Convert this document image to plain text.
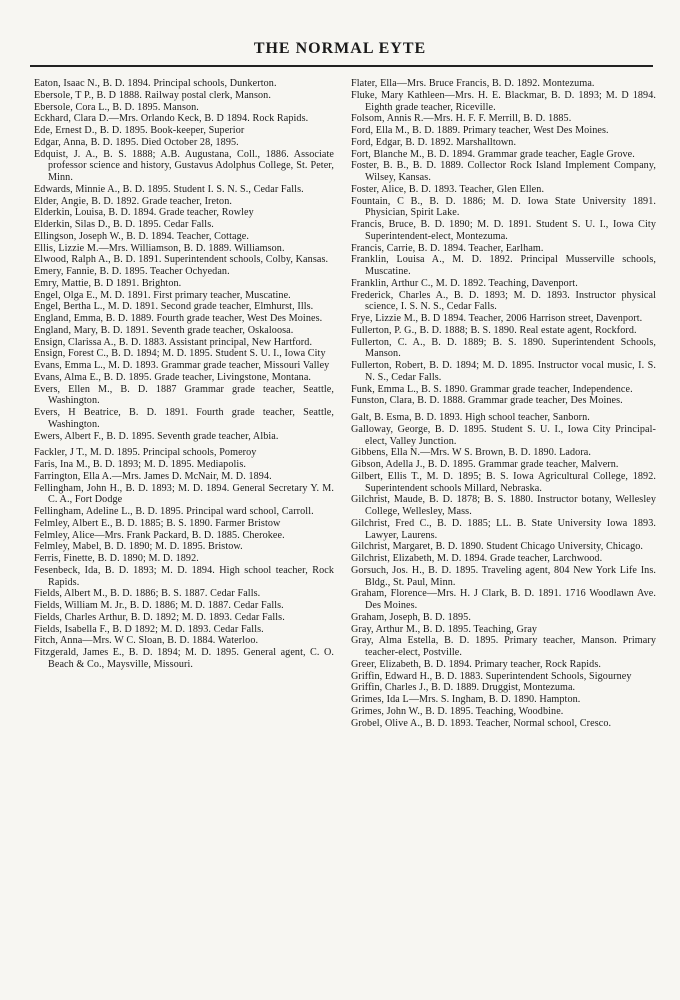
THE NORMAL EYTE
Eaton, Isaac N., B. D. 1894. Principal schools, Dunkerton.
Ebersole, T P., B. D 1888. Railway postal clerk, Manson.
Ebersole, Cora L., B. D. 1895. Manson.
Eckhard, Clara D.—Mrs. Orlando Keck, B. D 1894. Rock Rapids.
Ede, Ernest D., B. D. 1895. Book-keeper, Superior
Edgar, Anna, B. D. 1895. Died October 28, 1895.
Edquist, J. A., B. S. 1888; A.B. Augustana, Coll., 1886. Associate professor science and history, Gustavus Adolphus College, St. Peter, Minn.
Edwards, Minnie A., B. D. 1895. Student I. S. N. S., Cedar Falls.
Elder, Angie, B. D. 1892. Grade teacher, Ireton.
Elderkin, Louisa, B. D. 1894. Grade teacher, Rowley
Elderkin, Silas D., B. D. 1895. Cedar Falls.
Ellingson, Joseph W., B. D. 1894. Teacher, Cottage.
Ellis, Lizzie M.—Mrs. Williamson, B. D. 1889. Williamson.
Elwood, Ralph A., B. D. 1891. Superintendent schools, Colby, Kansas.
Emery, Fannie, B. D. 1895. Teacher Ochyedan.
Emry, Mattie, B. D 1891. Brighton.
Engel, Olga E., M. D. 1891. First primary teacher, Muscatine.
Engel, Bertha L., M. D. 1891. Second grade teacher, Elmhurst, Ills.
England, Emma, B. D. 1889. Fourth grade teacher, West Des Moines.
England, Mary, B. D. 1891. Seventh grade teacher, Oskaloosa.
Ensign, Clarissa A., B. D. 1883. Assistant principal, New Hartford.
Ensign, Forest C., B. D. 1894; M. D. 1895. Student S. U. I., Iowa City
Evans, Emma L., M. D. 1893. Grammar grade teacher, Missouri Valley
Evans, Alma E., B. D. 1895. Grade teacher, Livingstone, Montana.
Evers, Ellen M., B. D. 1887 Grammar grade teacher, Seattle, Washington.
Evers, H Beatrice, B. D. 1891. Fourth grade teacher, Seattle, Washington.
Ewers, Albert F., B. D. 1895. Seventh grade teacher, Albia.
Fackler, J T., M. D. 1895. Principal schools, Pomeroy
Faris, Ina M., B. D. 1893; M. D. 1895. Mediapolis.
Farrington, Ella A.—Mrs. James D. McNair, M. D. 1894.
Fellingham, John H., B. D. 1893; M. D. 1894. General Secretary Y. M. C. A., Fort Dodge
Fellingham, Adeline L., B. D. 1895. Principal ward school, Carroll.
Felmley, Albert E., B. D. 1885; B. S. 1890. Farmer Bristow
Felmley, Alice—Mrs. Frank Packard, B. D. 1885. Cherokee.
Felmley, Mabel, B. D. 1890; M. D. 1895. Bristow.
Ferris, Finette, B. D. 1890; M. D. 1892.
Fesenbeck, Ida, B. D. 1893; M. D. 1894. High school teacher, Rock Rapids.
Fields, Albert M., B. D. 1886; B. S. 1887. Cedar Falls.
Fields, William M. Jr., B. D. 1886; M. D. 1887. Cedar Falls.
Fields, Charles Arthur, B. D. 1892; M. D. 1893. Cedar Falls.
Fields, Isabella F., B. D 1892; M. D. 1893. Cedar Falls.
Fitch, Anna—Mrs. W C. Sloan, B. D. 1884. Waterloo.
Fitzgerald, James E., B. D. 1894; M. D. 1895. General agent, C. O. Beach & Co., Maysville, Missouri.
Flater, Ella—Mrs. Bruce Francis, B. D. 1892. Montezuma.
Fluke, Mary Kathleen—Mrs. H. E. Blackmar, B. D. 1893; M. D 1894. Eighth grade teacher, Riceville.
Folsom, Annis R.—Mrs. H. F. F. Merrill, B. D. 1885.
Ford, Ella M., B. D. 1889. Primary teacher, West Des Moines.
Ford, Edgar, B. D. 1892. Marshalltown.
Fort, Blanche M., B. D. 1894. Grammar grade teacher, Eagle Grove.
Foster, B. B., B. D. 1889. Collector Rock Island Implement Company, Wilsey, Kansas.
Foster, Alice, B. D. 1893. Teacher, Glen Ellen.
Fountain, C B., B. D. 1886; M. D. Iowa State University 1891. Physician, Spirit Lake.
Francis, Bruce, B. D. 1890; M. D. 1891. Student S. U. I., Iowa City Superintendent-elect, Montezuma.
Francis, Carrie, B. D. 1894. Teacher, Earlham.
Franklin, Louisa A., M. D. 1892. Principal Musserville schools, Muscatine.
Franklin, Arthur C., M. D. 1892. Teaching, Davenport.
Frederick, Charles A., B. D. 1893; M. D. 1893. Instructor physical science, I. S. N. S., Cedar Falls.
Frye, Lizzie M., B. D 1894. Teacher, 2006 Harrison street, Davenport.
Fullerton, P. G., B. D. 1888; B. S. 1890. Real estate agent, Rockford.
Fullerton, C. A., B. D. 1889; B. S. 1890. Superintendent Schools, Manson.
Fullerton, Robert, B. D. 1894; M. D. 1895. Instructor vocal music, I. S. N. S., Cedar Falls.
Funk, Emma L., B. S. 1890. Grammar grade teacher, Independence.
Funston, Clara, B. D. 1888. Grammar grade teacher, Des Moines.
Galt, B. Esma, B. D. 1893. High school teacher, Sanborn.
Galloway, George, B. D. 1895. Student S. U. I., Iowa City Principal-elect, Valley Junction.
Gibbens, Ella N.—Mrs. W S. Brown, B. D. 1890. Ladora.
Gibson, Adella J., B. D. 1895. Grammar grade teacher, Malvern.
Gilbert, Ellis T., M. D. 1895; B. S. Iowa Agricultural College, 1892. Superintendent schools Millard, Nebraska.
Gilchrist, Maude, B. D. 1878; B. S. 1880. Instructor botany, Wellesley College, Wellesley, Mass.
Gilchrist, Fred C., B. D. 1885; LL. B. State University Iowa 1893. Lawyer, Laurens.
Gilchrist, Margaret, B. D. 1890. Student Chicago University, Chicago.
Gilchrist, Elizabeth, M. D. 1894. Grade teacher, Larchwood.
Gorsuch, Jos. H., B. D. 1895. Traveling agent, 804 New York Life Ins. Bldg., St. Paul, Minn.
Graham, Florence—Mrs. H. J Clark, B. D. 1891. 1716 Woodlawn Ave. Des Moines.
Graham, Joseph, B. D. 1895.
Gray, Arthur M., B. D. 1895. Teaching, Gray
Gray, Alma Estella, B. D. 1895. Primary teacher, Manson. Primary teacher-elect, Postville.
Greer, Elizabeth, B. D. 1894. Primary teacher, Rock Rapids.
Griffin, Edward H., B. D. 1883. Superintendent Schools, Sigourney
Griffin, Charles J., B. D. 1889. Druggist, Montezuma.
Grimes, Ida L—Mrs. S. Ingham, B. D. 1890. Hampton.
Grimes, John W., B. D. 1895. Teaching, Woodbine.
Grobel, Olive A., B. D. 1893. Teacher, Normal school, Cresco.
